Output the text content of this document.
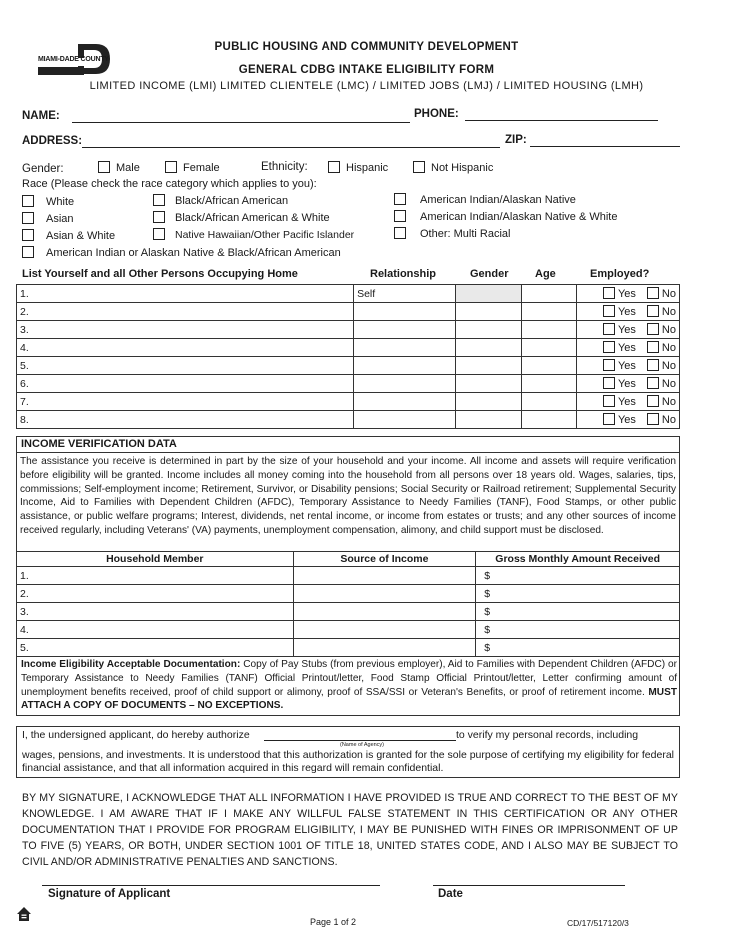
MIAMI-DADE COUNTY
PUBLIC HOUSING AND COMMUNITY DEVELOPMENT
GENERAL CDBG INTAKE ELIGIBILITY FORM
LIMITED INCOME (LMI) LIMITED CLIENTELE (LMC) / LIMITED JOBS (LMJ) / LIMITED HOUSING (LMH)
NAME:	PHONE:
ADDRESS:	ZIP:
Gender:	Male	Female	Ethnicity:	Hispanic	Not Hispanic
Race (Please check the race category which applies to you):
White
Asian
Asian & White
Black/African American
Black/African American & White
Native Hawaiian/Other Pacific Islander
American Indian/Alaskan Native
American Indian/Alaskan Native & White
Other: Multi Racial
American Indian or Alaskan Native & Black/African American
List Yourself and all Other Persons Occupying Home	Relationship	Gender Age	Employed?
1.	Self			Yes No
2.				Yes No
3.				Yes No
4.				Yes No
5.				Yes No
6.				Yes No
7.				Yes No
8.				Yes No
INCOME VERIFICATION DATA
The assistance you receive is determined in part by the size of your household and your income. All income and assets will require verification before eligibility will be granted. Income includes all money coming into the household from all persons over 18 years old. Wages, salaries, tips, commissions; Self-employment income; Retirement, Survivor, or Disability pensions; Social Security or Railroad retirement; Supplemental Security Income, Aid to Families with Dependent Children (AFDC), Temporary Assistance to Needy Families (TANF), Food Stamps, or other public assistance, or public welfare programs; Interest, dividends, net rental income, or income from estates or trusts; and any other sources of income received regularly, including Veterans' (VA) payments, unemployment compensation, alimony, and child support must be disclosed.
Household Member	Source of Income	Gross Monthly Amount Received
1.		$
2.		$
3.		$
4.		$
5.		$
Income Eligibility Acceptable Documentation: Copy of Pay Stubs (from previous employer), Aid to Families with Dependent Children (AFDC) or Temporary Assistance to Needy Families (TANF) Official Printout/letter, Food Stamp Official Printout/letter, Letter confirming amount of unemployment benefits received, proof of child support or alimony, proof of SSA/SSI or Veteran's Benefits, or proof of retirement income. MUST ATTACH A COPY OF DOCUMENTS – NO EXCEPTIONS.
I, the undersigned applicant, do hereby authorize	to verify my personal records, including
(Name of Agency)
wages, pensions, and investments. It is understood that this authorization is granted for the sole purpose of certifying my eligibility for federal financial assistance, and that all information acquired in this regard will remain confidential.
BY MY SIGNATURE, I ACKNOWLEDGE THAT ALL INFORMATION I HAVE PROVIDED IS TRUE AND CORRECT TO THE BEST OF MY KNOWLEDGE. I AM AWARE THAT IF I MAKE ANY WILLFUL FALSE STATEMENT IN THIS CERTIFICATION OR ANY OTHER DOCUMENTATION THAT I PROVIDE FOR PROGRAM ELIGIBILITY, I MAY BE PUNISHED WITH FINES OR IMPRISONMENT OF UP TO FIVE (5) YEARS, OR BOTH, UNDER SECTION 1001 OF TITLE 18, UNITED STATES CODE, AND I ALSO MAY BE SUBJECT TO CIVIL AND/OR ADMINISTRATIVE PENALTIES AND SANCTIONS.
Signature of Applicant	Date
Page 1 of 2	CD/17/517120/3
